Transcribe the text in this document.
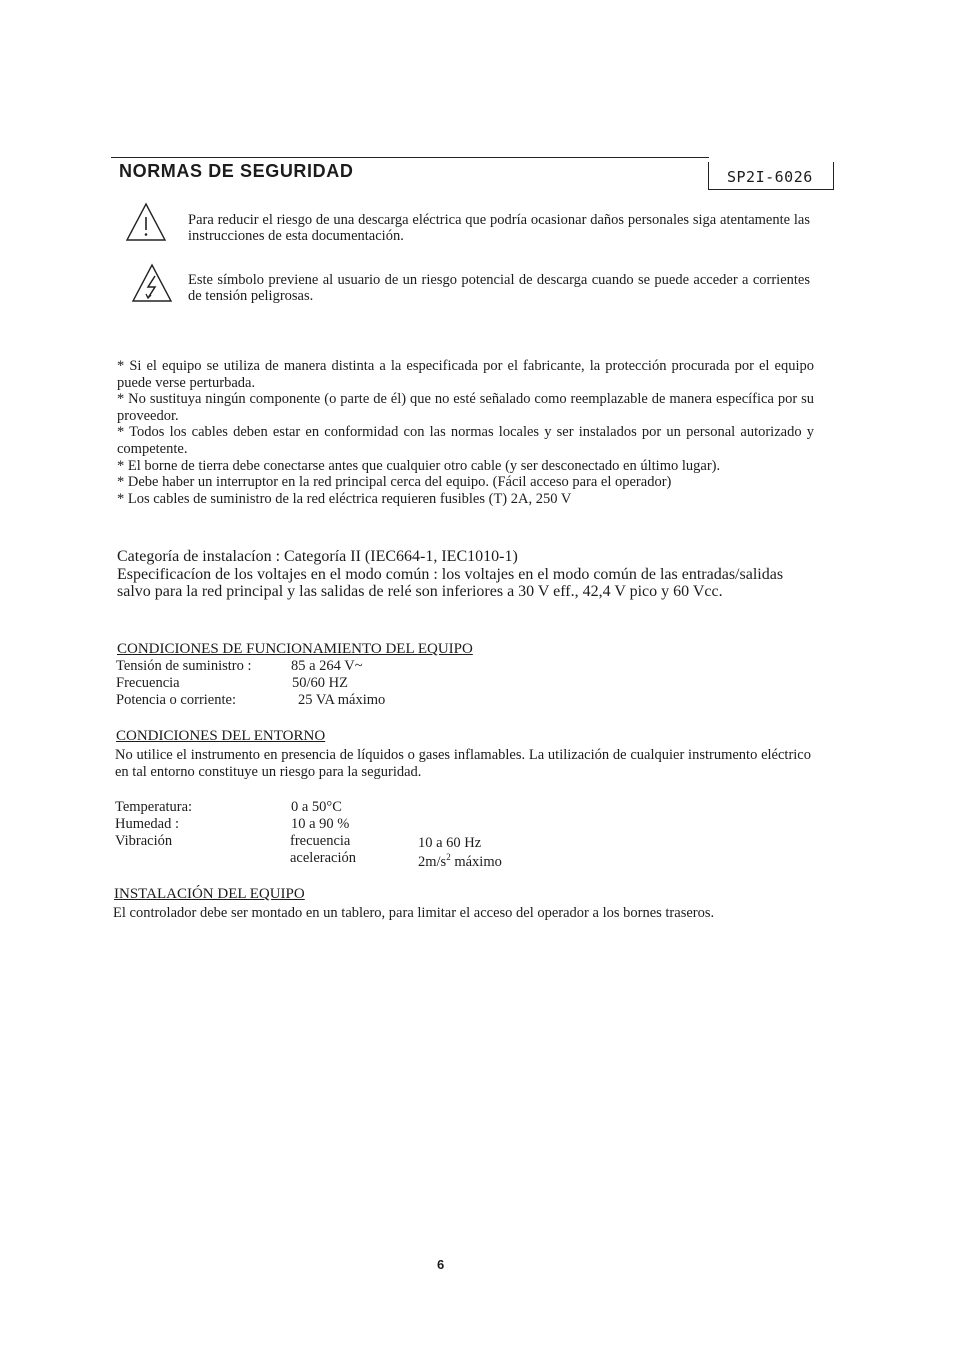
NORMAS DE SEGURIDAD	SP2I-6026
Para reducir el riesgo de una descarga eléctrica que podría ocasionar daños personales siga atentamente las instrucciones de esta documentación.
Este símbolo previene al usuario de un riesgo potencial de descarga cuando se puede acceder a corrientes de tensión peligrosas.

* Si el equipo se utiliza de manera distinta a la especificada por el fabricante, la protección procurada por el equipo puede verse perturbada.

* No sustituya ningún componente (o parte de él) que no esté señalado como reemplazable de manera específica por su proveedor.

* Todos los cables deben estar en conformidad con las normas locales y ser instalados por un personal autorizado y competente.

* El borne de tierra debe conectarse antes que cualquier otro cable (y ser desconectado en último lugar).

* Debe haber un interruptor en la red principal cerca del equipo. (Fácil acceso para el operador)

* Los cables de suministro de la red eléctrica requieren fusibles (T) 2A, 250 V

Categoría de instalacíon : Categoría II (IEC664-1, IEC1010-1)

Especificacíon de los voltajes en el modo común : los voltajes en el modo común de las entradas/salidas salvo para la red principal y las salidas de relé son inferiores a 30 V eff., 42,4 V pico y 60 Vcc.

CONDICIONES DE FUNCIONAMIENTO DEL EQUIPO
Tensión de suministro :	85 a 264 V~
Frecuencia	50/60 HZ
Potencia o corriente:	25 VA máximo
CONDICIONES DEL ENTORNO
No utilice el instrumento en presencia de líquidos o gases inflamables. La utilización de cualquier instrumento eléctrico en tal entorno constituye un riesgo para la seguridad.
Temperatura:	0 a 50°C
Humedad :	10 a 90 %
Vibración	frecuencia	10 a 60 Hz
aceleración	$2m/s^2$ máximo
INSTALACIÓN DEL EQUIPO
El controlador debe ser montado en un tablero, para limitar el acceso del operador a los bornes traseros.
6
